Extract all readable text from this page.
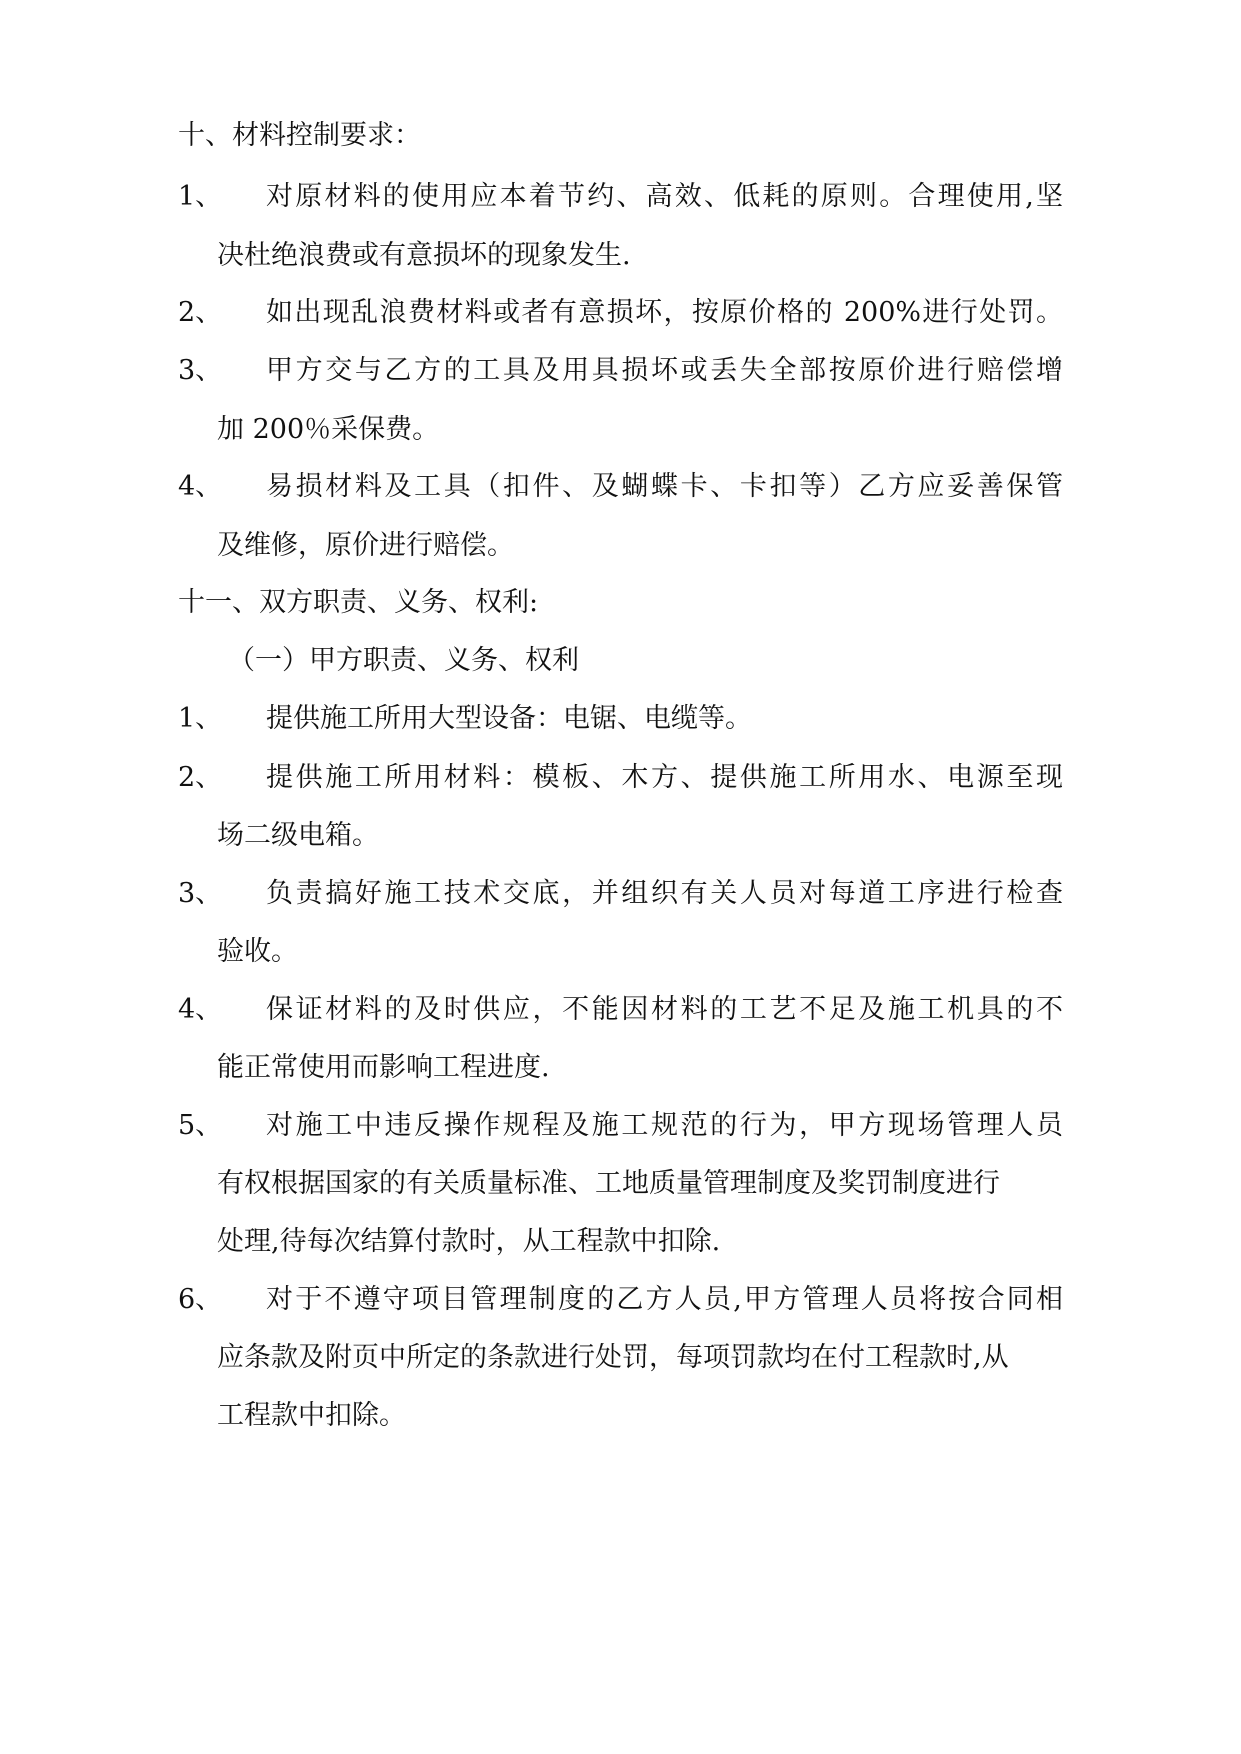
十、材料控制要求：
1、 对原材料的使用应本着节约、高效、低耗的原则。合理使用,坚
决杜绝浪费或有意损坏的现象发生.
2、 如出现乱浪费材料或者有意损坏，按原价格的 200%进行处罚。
3、 甲方交与乙方的工具及用具损坏或丢失全部按原价进行赔偿增
加 200％采保费。
4、 易损材料及工具（扣件、及蝴蝶卡、卡扣等）乙方应妥善保管
及维修，原价进行赔偿。
十一、双方职责、义务、权利:
（一）甲方职责、义务、权利
1、 提供施工所用大型设备：电锯、电缆等。
2、 提供施工所用材料：模板、木方、提供施工所用水、电源至现
场二级电箱。
3、 负责搞好施工技术交底，并组织有关人员对每道工序进行检查
验收。
4、 保证材料的及时供应，不能因材料的工艺不足及施工机具的不
能正常使用而影响工程进度.
5、 对施工中违反操作规程及施工规范的行为，甲方现场管理人员
有权根据国家的有关质量标准、工地质量管理制度及奖罚制度进行
处理,待每次结算付款时，从工程款中扣除.
6、 对于不遵守项目管理制度的乙方人员,甲方管理人员将按合同相
应条款及附页中所定的条款进行处罚，每项罚款均在付工程款时,从
工程款中扣除。
